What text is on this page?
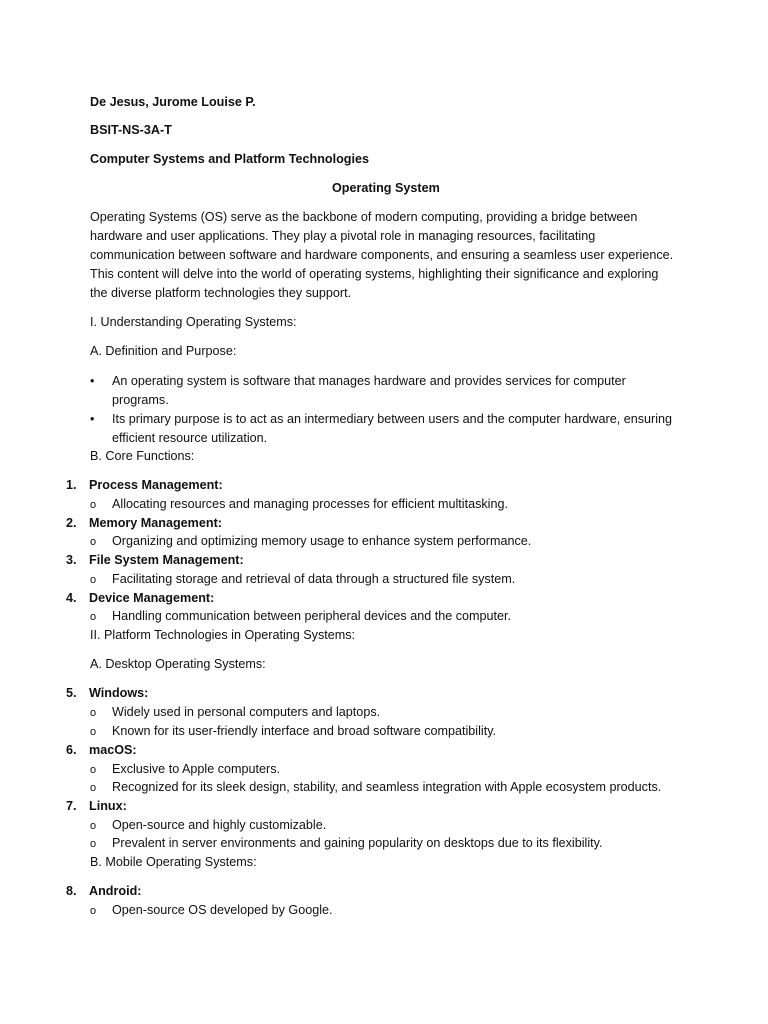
De Jesus, Jurome Louise P.
BSIT-NS-3A-T
Computer Systems and Platform Technologies
Operating System
Operating Systems (OS) serve as the backbone of modern computing, providing a bridge between
hardware and user applications. They play a pivotal role in managing resources, facilitating
communication between software and hardware components, and ensuring a seamless user experience.
This content will delve into the world of operating systems, highlighting their significance and exploring
the diverse platform technologies they support.
I. Understanding Operating Systems:
A. Definition and Purpose:
•	An operating system is software that manages hardware and provides services for computer
programs.
•	Its primary purpose is to act as an intermediary between users and the computer hardware, ensuring
efficient resource utilization.
B. Core Functions:
1. Process Management:
o Allocating resources and managing processes for efficient multitasking.
2. Memory Management:
o Organizing and optimizing memory usage to enhance system performance.
3. File System Management:
o Facilitating storage and retrieval of data through a structured file system.
4. Device Management:
o Handling communication between peripheral devices and the computer.
II. Platform Technologies in Operating Systems:
A. Desktop Operating Systems:
5. Windows:
o Widely used in personal computers and laptops.
o Known for its user-friendly interface and broad software compatibility.
6. macOS:
o Exclusive to Apple computers.
o Recognized for its sleek design, stability, and seamless integration with Apple ecosystem products.
7. Linux:
o Open-source and highly customizable.
o Prevalent in server environments and gaining popularity on desktops due to its flexibility.
B. Mobile Operating Systems:
8. Android:
o Open-source OS developed by Google.
